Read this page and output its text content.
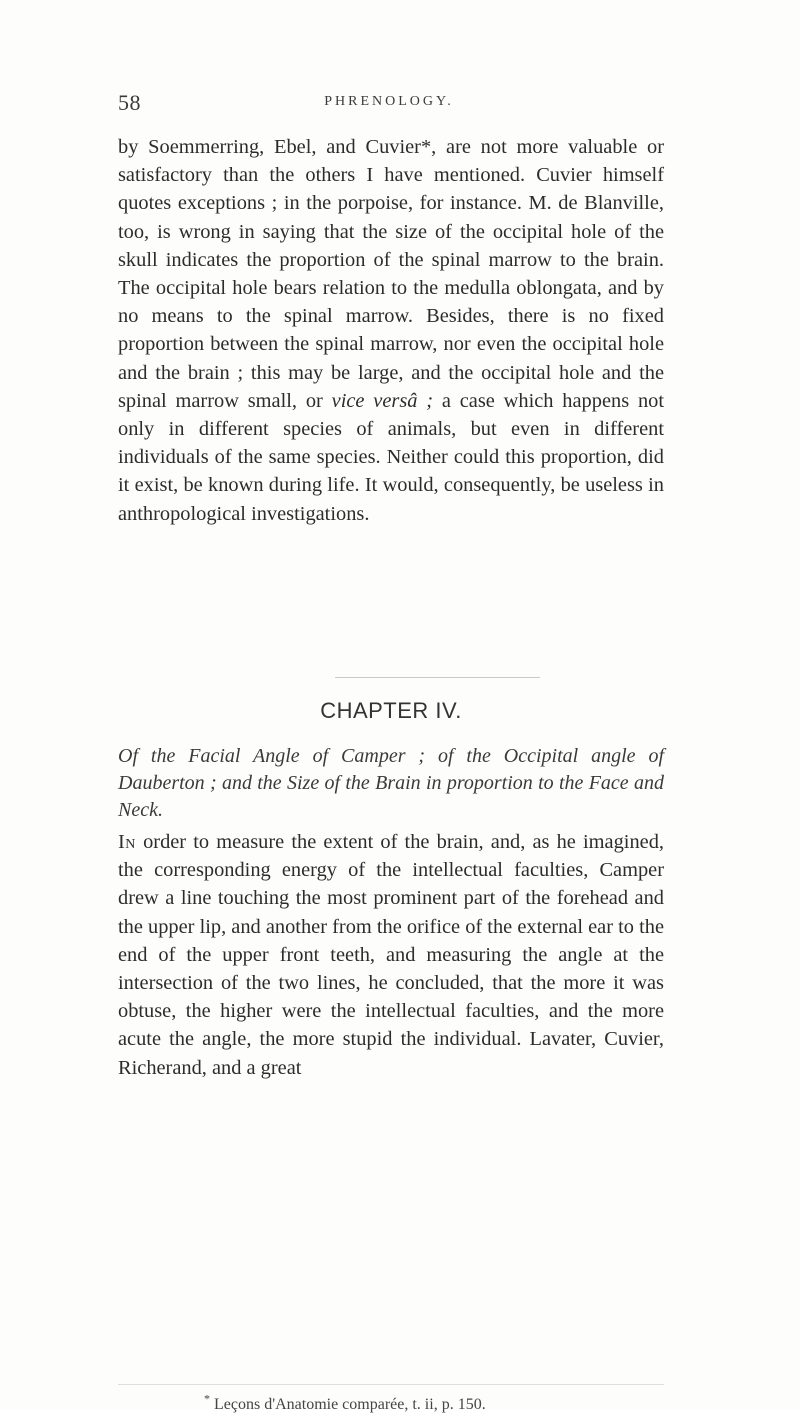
58	PHRENOLOGY.
by Soemmerring, Ebel, and Cuvier*, are not more valuable or satisfactory than the others I have mentioned. Cuvier himself quotes exceptions ; in the porpoise, for instance. M. de Blanville, too, is wrong in saying that the size of the occipital hole of the skull indicates the proportion of the spinal marrow to the brain. The occipital hole bears relation to the medulla oblongata, and by no means to the spinal marrow. Besides, there is no fixed proportion between the spinal marrow, nor even the occipital hole and the brain ; this may be large, and the occipital hole and the spinal marrow small, or vice versâ ; a case which happens not only in different species of animals, but even in different individuals of the same species. Neither could this proportion, did it exist, be known during life. It would, consequently, be useless in anthropological investigations.
CHAPTER IV.
Of the Facial Angle of Camper ; of the Occipital angle of Dauberton ; and the Size of the Brain in proportion to the Face and Neck.
In order to measure the extent of the brain, and, as he imagined, the corresponding energy of the intellectual faculties, Camper drew a line touching the most prominent part of the forehead and the upper lip, and another from the orifice of the external ear to the end of the upper front teeth, and measuring the angle at the intersection of the two lines, he concluded, that the more it was obtuse, the higher were the intellectual faculties, and the more acute the angle, the more stupid the individual. Lavater, Cuvier, Richerand, and a great
* Leçons d'Anatomie comparée, t. ii, p. 150.
